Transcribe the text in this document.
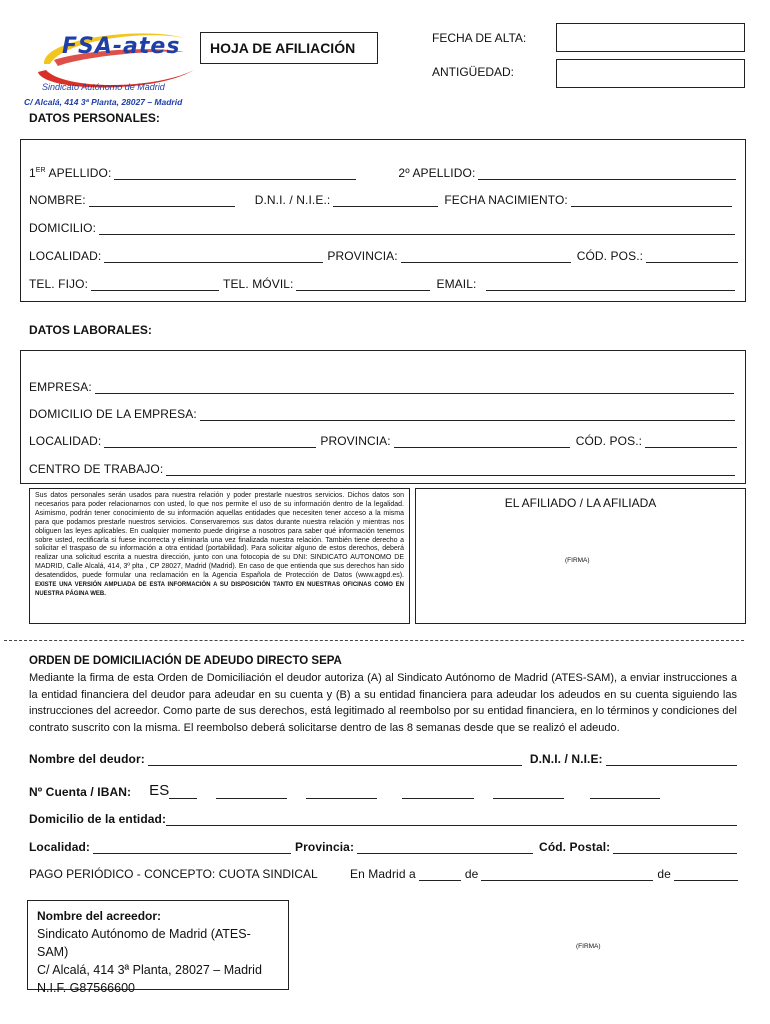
FSA-ates
Sindicato Autónomo de Madrid
C/ Alcalá, 414 3ª Planta, 28027 – Madrid
HOJA DE AFILIACIÓN
FECHA DE ALTA:
ANTIGÜEDAD:
DATOS PERSONALES:
1ER APELLIDO:	2º APELLIDO:
NOMBRE:	D.N.I. / N.I.E.:	FECHA NACIMIENTO:
DOMICILIO:
LOCALIDAD:	PROVINCIA:	CÓD. POS.:
TEL. FIJO:	TEL. MÓVIL:	EMAIL:
DATOS LABORALES:
EMPRESA:
DOMICILIO DE LA EMPRESA:
LOCALIDAD:	PROVINCIA:	CÓD. POS.:
CENTRO DE TRABAJO:
Sus datos personales serán usados para nuestra relación y poder prestarle nuestros servicios. Dichos datos son necesarios para poder relacionarnos con usted, lo que nos permite el uso de su información dentro de la legalidad. Asimismo, podrán tener conocimiento de su información aquellas entidades que necesiten tener acceso a la misma para que podamos prestarle nuestros servicios. Conservaremos sus datos durante nuestra relación y mientras nos obliguen las leyes aplicables. En cualquier momento puede dirigirse a nosotros para saber qué información tenemos sobre usted, rectificarla si fuese incorrecta y eliminarla una vez finalizada nuestra relación. También tiene derecho a solicitar el traspaso de su información a otra entidad (portabilidad). Para solicitar alguno de estos derechos, deberá realizar una solicitud escrita a nuestra dirección, junto con una fotocopia de su DNI: SINDICATO AUTONOMO DE MADRID, Calle Alcalá, 414, 3º plta , CP 28027, Madrid (Madrid). En caso de que entienda que sus derechos han sido desatendidos, puede formular una reclamación en la Agencia Española de Protección de Datos (www.agpd.es). EXISTE UNA VERSIÓN AMPLIADA DE ESTA INFORMACIÓN A SU DISPOSICIÓN TANTO EN NUESTRAS OFICINAS COMO EN NUESTRA PÁGINA WEB.
EL AFILIADO / LA AFILIADA
(FIRMA)
ORDEN DE DOMICILIACIÓN DE ADEUDO DIRECTO SEPA
Mediante la firma de esta Orden de Domiciliación el deudor autoriza (A) al Sindicato Autónomo de Madrid (ATES-SAM), a enviar instrucciones a la entidad financiera del deudor para adeudar en su cuenta y (B) a su entidad financiera para adeudar los adeudos en su cuenta siguiendo las instrucciones del acreedor. Como parte de sus derechos, está legitimado al reembolso por su entidad financiera, en lo términos y condiciones del contrato suscrito con la misma. El reembolso deberá solicitarse dentro de las 8 semanas desde que se realizó el adeudo.
Nombre del deudor:	D.N.I. / N.I.E:
Nº Cuenta / IBAN:	ES
Domicilio de la entidad:
Localidad:	Provincia:	Cód. Postal:
PAGO PERIÓDICO - CONCEPTO: CUOTA SINDICAL	En Madrid a	de	de
Nombre del acreedor:
Sindicato Autónomo de Madrid (ATES-SAM)
C/ Alcalá, 414 3ª Planta, 28027 – Madrid
N.I.F. G87566600
(FIRMA)
